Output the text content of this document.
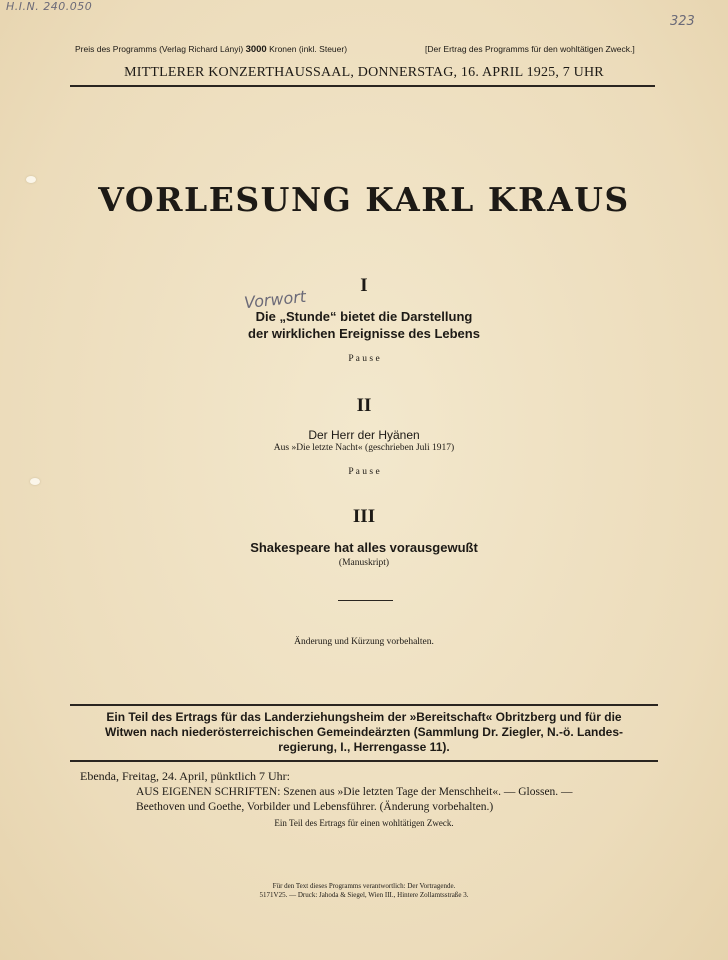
H.I.N. 240.050
323
Preis des Programms (Verlag Richard Lányi) 3000 Kronen (inkl. Steuer)	[Der Ertrag des Programms für den wohltätigen Zweck.]
MITTLERER KONZERTHAUSSAAL, DONNERSTAG, 16. APRIL 1925, 7 UHR
VORLESUNG KARL KRAUS
I
Vorwort
Die „Stunde“ bietet die Darstellung
der wirklichen Ereignisse des Lebens
P a u s e
II
Der Herr der Hyänen
Aus »Die letzte Nacht« (geschrieben Juli 1917)
P a u s e
III
Shakespeare hat alles vorausgewußt
(Manuskript)
Änderung und Kürzung vorbehalten.
Ein Teil des Ertrags für das Landerziehungsheim der »Bereitschaft« Obritzberg und für die
Witwen nach niederösterreichischen Gemeindeärzten (Sammlung Dr. Ziegler, N.-ö. Landes-
regierung, I., Herrengasse 11).
Ebenda, Freitag, 24. April, pünktlich 7 Uhr:
AUS EIGENEN SCHRIFTEN: Szenen aus »Die letzten Tage der Menschheit«. — Glossen. —
Beethoven und Goethe, Vorbilder und Lebensführer. (Änderung vorbehalten.)
Ein Teil des Ertrags für einen wohltätigen Zweck.
Für den Text dieses Programms verantwortlich: Der Vortragende.
5171V25. — Druck: Jahoda & Siegel, Wien III., Hintere Zollamtsstraße 3.
